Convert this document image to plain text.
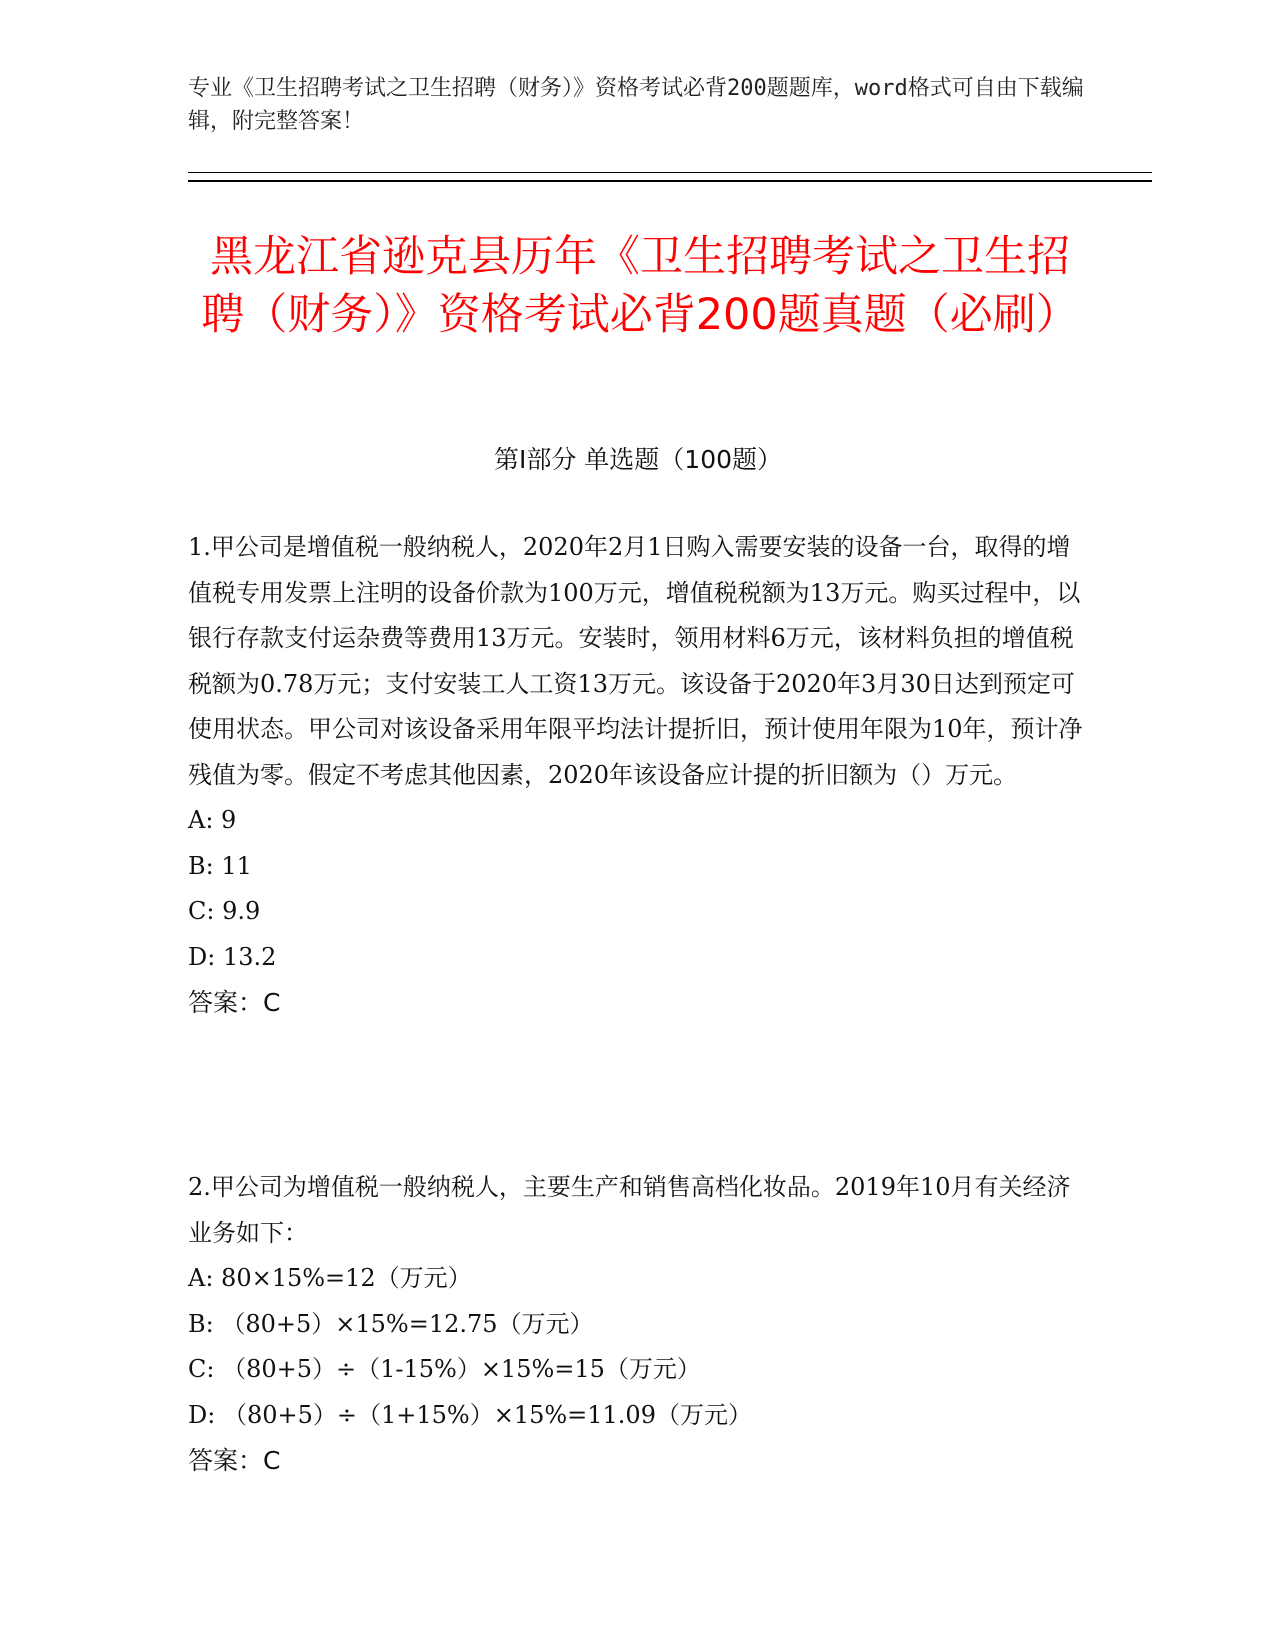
专业《卫生招聘考试之卫生招聘（财务）》资格考试必背200题题库，word格式可自由下载编辑，附完整答案！
黑龙江省逊克县历年《卫生招聘考试之卫生招聘（财务）》资格考试必背200题真题（必刷）
第I部分 单选题（100题）

1.甲公司是增值税一般纳税人，2020年2月1日购入需要安装的设备一台，取得的增值税专用发票上注明的设备价款为100万元，增值税税额为13万元。购买过程中，以银行存款支付运杂费等费用13万元。安装时，领用材料6万元，该材料负担的增值税税额为0.78万元；支付安装工人工资13万元。该设备于2020年3月30日达到预定可使用状态。甲公司对该设备采用年限平均法计提折旧，预计使用年限为10年，预计净残值为零。假定不考虑其他因素，2020年该设备应计提的折旧额为（）万元。

A: 9
B: 11
C: 9.9
D: 13.2
答案：C

2.甲公司为增值税一般纳税人，主要生产和销售高档化妆品。2019年10月有关经济业务如下：

A: 80×15%=12（万元）
B: （80+5）×15%=12.75（万元）
C: （80+5）÷（1-15%）×15%=15（万元）
D: （80+5）÷（1+15%）×15%=11.09（万元）
答案：C
